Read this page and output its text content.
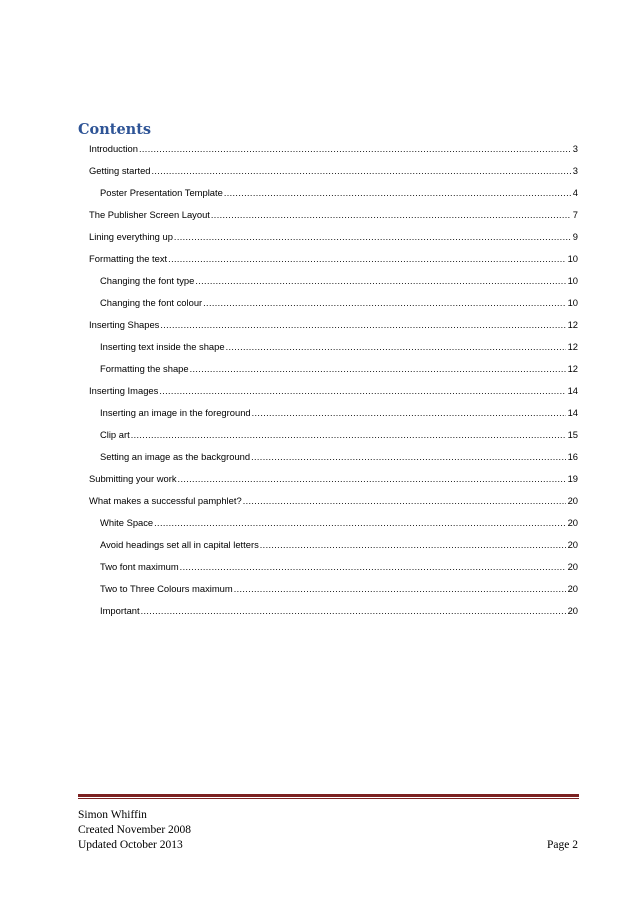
Contents
Introduction .....	3
Getting started .....	3
Poster Presentation Template .....	4
The Publisher Screen Layout .....	7
Lining everything up .....	9
Formatting the text .....	10
Changing the font type .....	10
Changing the font colour .....	10
Inserting Shapes .....	12
Inserting text inside the shape .....	12
Formatting the shape .....	12
Inserting Images .....	14
Inserting an image in the foreground .....	14
Clip art .....	15
Setting an image as the background .....	16
Submitting your work .....	19
What makes a successful pamphlet? .....	20
White Space .....	20
Avoid headings set all in capital letters .....	20
Two font maximum .....	20
Two to Three Colours maximum .....	20
Important .....	20
Simon Whiffin
Created November 2008
Updated October 2013	Page 2
